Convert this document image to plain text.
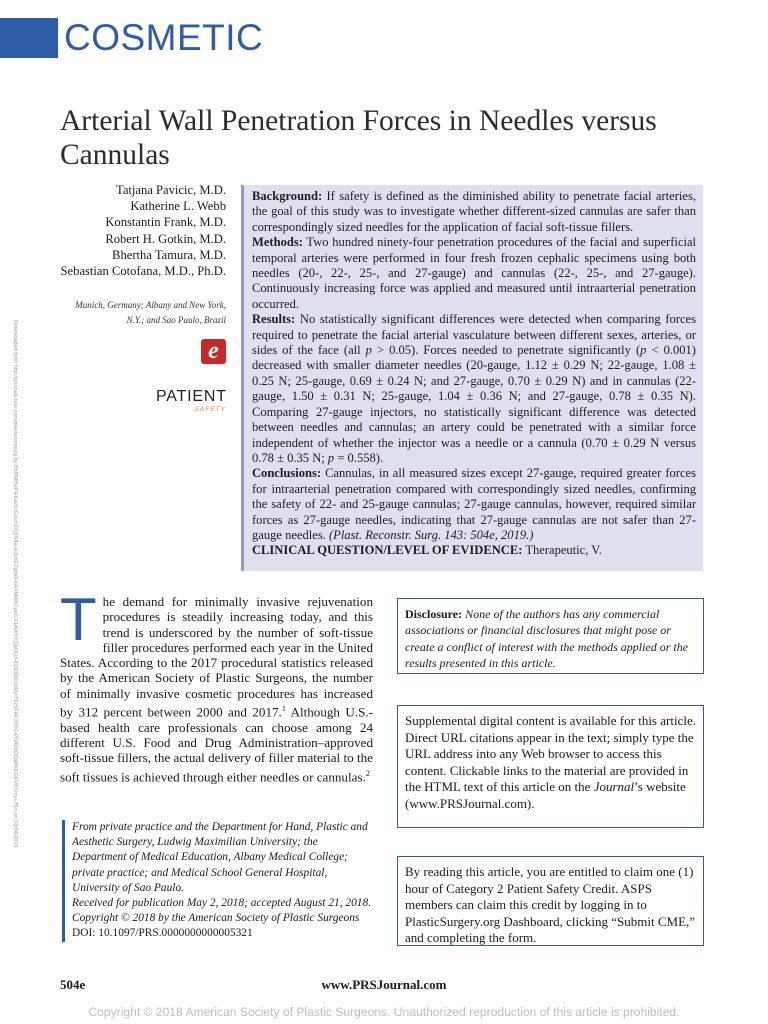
COSMETIC
Arterial Wall Penetration Forces in Needles versus Cannulas
Downloaded from http://journals.lww.com/plasreconsurg by BhDMf5ePHKav1zEoum1tQfN4a+kJLhEZgbsIHo4XMi0hCywCX1AWnYQp/IlQrHD3i3D0OdRyi7TvSFl4Cf3VC4/OAVpDDa8KKGKV0Ymy+78= on 03/04/2019
Tatjana Pavicic, M.D.
Katherine L. Webb
Konstantin Frank, M.D.
Robert H. Gotkin, M.D.
Bhertha Tamura, M.D.
Sebastian Cotofana, M.D., Ph.D.
Munich, Germany; Albany and New York, N.Y.; and Sao Paulo, Brazil
e
PATIENT
SAFETY

Background: If safety is defined as the diminished ability to penetrate facial arteries, the goal of this study was to investigate whether different-sized cannulas are safer than correspondingly sized needles for the application of facial soft-tissue fillers.

Methods: Two hundred ninety-four penetration procedures of the facial and superficial temporal arteries were performed in four fresh frozen cephalic specimens using both needles (20-, 22-, 25-, and 27-gauge) and cannulas (22-, 25-, and 27-gauge). Continuously increasing force was applied and measured until intraarterial penetration occurred.

Results: No statistically significant differences were detected when comparing forces required to penetrate the facial arterial vasculature between different sexes, arteries, or sides of the face (all p > 0.05). Forces needed to penetrate significantly (p < 0.001) decreased with smaller diameter needles (20-gauge, 1.12 ± 0.29 N; 22-gauge, 1.08 ± 0.25 N; 25-gauge, 0.69 ± 0.24 N; and 27-gauge, 0.70 ± 0.29 N) and in cannulas (22-gauge, 1.50 ± 0.31 N; 25-gauge, 1.04 ± 0.36 N; and 27-gauge, 0.78 ± 0.35 N). Comparing 27-gauge injectors, no statistically significant difference was detected between needles and cannulas; an artery could be penetrated with a similar force independent of whether the injector was a needle or a cannula (0.70 ± 0.29 N versus 0.78 ± 0.35 N; p = 0.558).

Conclusions: Cannulas, in all measured sizes except 27-gauge, required greater forces for intraarterial penetration compared with correspondingly sized needles, confirming the safety of 22- and 25-gauge cannulas; 27-gauge cannulas, however, required similar forces as 27-gauge needles, indicating that 27-gauge cannulas are not safer than 27-gauge needles. (Plast. Reconstr. Surg. 143: 504e, 2019.)

CLINICAL QUESTION/LEVEL OF EVIDENCE: Therapeutic, V.

The demand for minimally invasive rejuvenation procedures is steadily increasing today, and this trend is underscored by the number of soft-tissue filler procedures performed each year in the United States. According to the 2017 procedural statistics released by the American Society of Plastic Surgeons, the number of minimally invasive cosmetic procedures has increased by 312 percent between 2000 and 2017.$^1$ Although U.S.-based health care professionals can choose among 24 different U.S. Food and Drug Administration–approved soft-tissue fillers, the actual delivery of filler material to the soft tissues is achieved through either needles or cannulas.$^2$

From private practice and the Department for Hand, Plastic and Aesthetic Surgery, Ludwig Maximilian University; the Department of Medical Education, Albany Medical College; private practice; and Medical School General Hospital, University of Sao Paulo.
Received for publication May 2, 2018; accepted August 21, 2018.
Copyright © 2018 by the American Society of Plastic Surgeons
DOI: 10.1097/PRS.0000000000005321

Disclosure: None of the authors has any commercial associations or financial disclosures that might pose or create a conflict of interest with the methods applied or the results presented in this article.

Supplemental digital content is available for this article. Direct URL citations appear in the text; simply type the URL address into any Web browser to access this content. Clickable links to the material are provided in the HTML text of this article on the Journal’s website (www.PRSJournal.com).

By reading this article, you are entitled to claim one (1) hour of Category 2 Patient Safety Credit. ASPS members can claim this credit by logging in to PlasticSurgery.org Dashboard, clicking “Submit CME,” and completing the form.

504e	www.PRSJournal.com
Copyright © 2018 American Society of Plastic Surgeons. Unauthorized reproduction of this article is prohibited.
